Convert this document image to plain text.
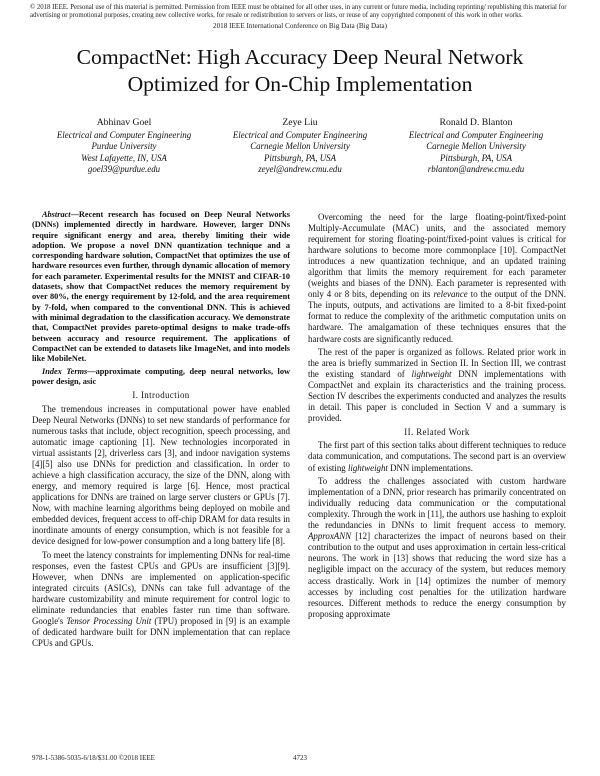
© 2018 IEEE. Personal use of this material is permitted. Permission from IEEE must be obtained for all other uses, in any current or future media, including reprinting/ republishing this material for advertising or promotional purposes, creating new collective works, for resale or redistribution to servers or lists, or reuse of any copyrighted component of this work in other works.
2018 IEEE International Conference on Big Data (Big Data)
CompactNet: High Accuracy Deep Neural Network
Optimized for On-Chip Implementation
Abhinav Goel
Electrical and Computer Engineering
Purdue University
West Lafayette, IN, USA
goel39@purdue.edu
Zeye Liu
Electrical and Computer Engineering
Carnegie Mellon University
Pittsburgh, PA, USA
zeyel@andrew.cmu.edu
Ronald D. Blanton
Electrical and Computer Engineering
Carnegie Mellon University
Pittsburgh, PA, USA
rblanton@andrew.cmu.edu

Abstract—Recent research has focused on Deep Neural Networks (DNNs) implemented directly in hardware. However, larger DNNs require significant energy and area, thereby limiting their wide adoption. We propose a novel DNN quantization technique and a corresponding hardware solution, CompactNet that optimizes the use of hardware resources even further, through dynamic allocation of memory for each parameter. Experimental results for the MNIST and CIFAR-10 datasets, show that CompactNet reduces the memory requirement by over 80%, the energy requirement by 12-fold, and the area requirement by 7-fold, when compared to the conventional DNN. This is achieved with minimal degradation to the classification accuracy. We demonstrate that, CompactNet provides pareto-optimal designs to make trade-offs between accuracy and resource requirement. The applications of CompactNet can be extended to datasets like ImageNet, and into models like MobileNet.

Index Terms—approximate computing, deep neural networks, low power design, asic

I. Introduction

The tremendous increases in computational power have enabled Deep Neural Networks (DNNs) to set new standards of performance for numerous tasks that include, object recognition, speech processing, and automatic image captioning [1]. New technologies incorporated in virtual assistants [2], driverless cars [3], and indoor navigation systems [4][5] also use DNNs for prediction and classification. In order to achieve a high classification accuracy, the size of the DNN, along with energy, and memory required is large [6]. Hence, most practical applications for DNNs are trained on large server clusters or GPUs [7]. Now, with machine learning algorithms being deployed on mobile and embedded devices, frequent access to off-chip DRAM for data results in inordinate amounts of energy consumption, which is not feasible for a device designed for low-power consumption and a long battery life [8].

To meet the latency constraints for implementing DNNs for real-time responses, even the fastest CPUs and GPUs are insufficient [3][9]. However, when DNNs are implemented on application-specific integrated circuits (ASICs), DNNs can take full advantage of the hardware customizability and minute requirement for control logic to eliminate redundancies that enables faster run time than software. Google's Tensor Processing Unit (TPU) proposed in [9] is an example of dedicated hardware built for DNN implementation that can replace CPUs and GPUs.

Overcoming the need for the large floating-point/fixed-point Multiply-Accumulate (MAC) units, and the associated memory requirement for storing floating-point/fixed-point values is critical for hardware solutions to become more commonplace [10]. CompactNet introduces a new quantization technique, and an updated training algorithm that limits the memory requirement for each parameter (weights and biases of the DNN). Each parameter is represented with only 4 or 8 bits, depending on its relevance to the output of the DNN. The inputs, outputs, and activations are limited to a 8-bit fixed-point format to reduce the complexity of the arithmetic computation units on hardware. The amalgamation of these techniques ensures that the hardware costs are significantly reduced.

The rest of the paper is organized as follows. Related prior work in the area is briefly summarized in Section II. In Section III, we contrast the existing standard of lightweight DNN implementations with CompactNet and explain its characteristics and the training process. Section IV describes the experiments conducted and analyzes the results in detail. This paper is concluded in Section V and a summary is provided.

II. Related Work

The first part of this section talks about different techniques to reduce data communication, and computations. The second part is an overview of existing lightweight DNN implementations.

To address the challenges associated with custom hardware implementation of a DNN, prior research has primarily concentrated on individually reducing data communication or the computational complexity. Through the work in [11], the authors use hashing to exploit the redundancies in DNNs to limit frequent access to memory. ApproxANN [12] characterizes the impact of neurons based on their contribution to the output and uses approximation in certain less-critical neurons. The work in [13] shows that reducing the word size has a negligible impact on the accuracy of the system, but reduces memory access drastically. Work in [14] optimizes the number of memory accesses by including cost penalties for the utilization hardware resources. Different methods to reduce the energy consumption by proposing approximate

978-1-5386-5035-6/18/$31.00 ©2018 IEEE	4723
